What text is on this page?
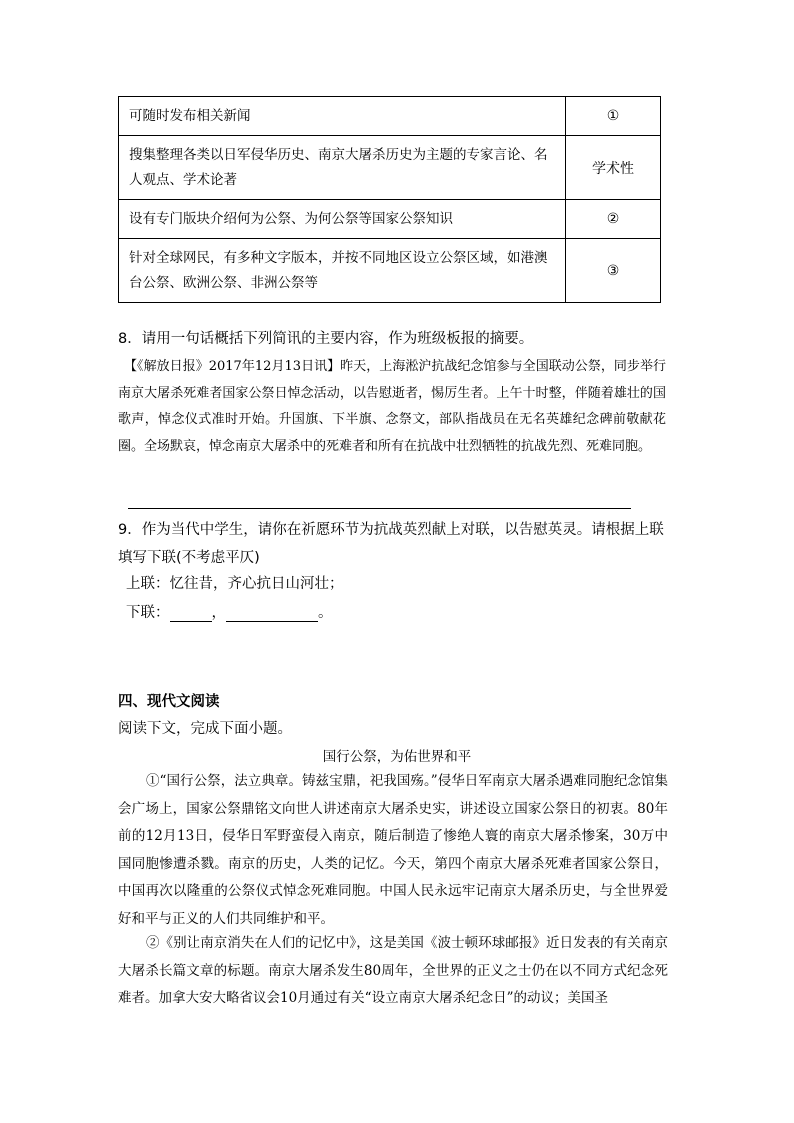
可随时发布相关新闻	①
搜集整理各类以日军侵华历史、南京大屠杀历史为主题的专家言论、名人观点、学术论著	学术性
设有专门版块介绍何为公祭、为何公祭等国家公祭知识	②
针对全球网民，有多种文字版本，并按不同地区设立公祭区域，如港澳台公祭、欧洲公祭、非洲公祭等	③
8．请用一句话概括下列简讯的主要内容，作为班级板报的摘要。
【《解放日报》2017年12月13日讯】昨天，上海淞沪抗战纪念馆参与全国联动公祭，同步举行南京大屠杀死难者国家公祭日悼念活动，以告慰逝者，惕厉生者。上午十时整，伴随着雄壮的国歌声，悼念仪式准时开始。升国旗、下半旗、念祭文，部队指战员在无名英雄纪念碑前敬献花圈。全场默哀，悼念南京大屠杀中的死难者和所有在抗战中壮烈牺牲的抗战先烈、死难同胞。
9．作为当代中学生，请你在祈愿环节为抗战英烈献上对联，以告慰英灵。请根据上联填写下联(不考虑平仄)
上联：忆往昔，齐心抗日山河壮；
下联：	，	。
四、现代文阅读
阅读下文，完成下面小题。
国行公祭，为佑世界和平
①“国行公祭，法立典章。铸兹宝鼎，祀我国殇。”侵华日军南京大屠杀遇难同胞纪念馆集会广场上，国家公祭鼎铭文向世人讲述南京大屠杀史实，讲述设立国家公祭日的初衷。80年前的12月13日，侵华日军野蛮侵入南京，随后制造了惨绝人寰的南京大屠杀惨案，30万中国同胞惨遭杀戮。南京的历史，人类的记忆。今天，第四个南京大屠杀死难者国家公祭日，中国再次以隆重的公祭仪式悼念死难同胞。中国人民永远牢记南京大屠杀历史，与全世界爱好和平与正义的人们共同维护和平。
②《别让南京消失在人们的记忆中》，这是美国《波士顿环球邮报》近日发表的有关南京大屠杀长篇文章的标题。南京大屠杀发生80周年，全世界的正义之士仍在以不同方式纪念死难者。加拿大安大略省议会10月通过有关“设立南京大屠杀纪念日”的动议；美国圣
